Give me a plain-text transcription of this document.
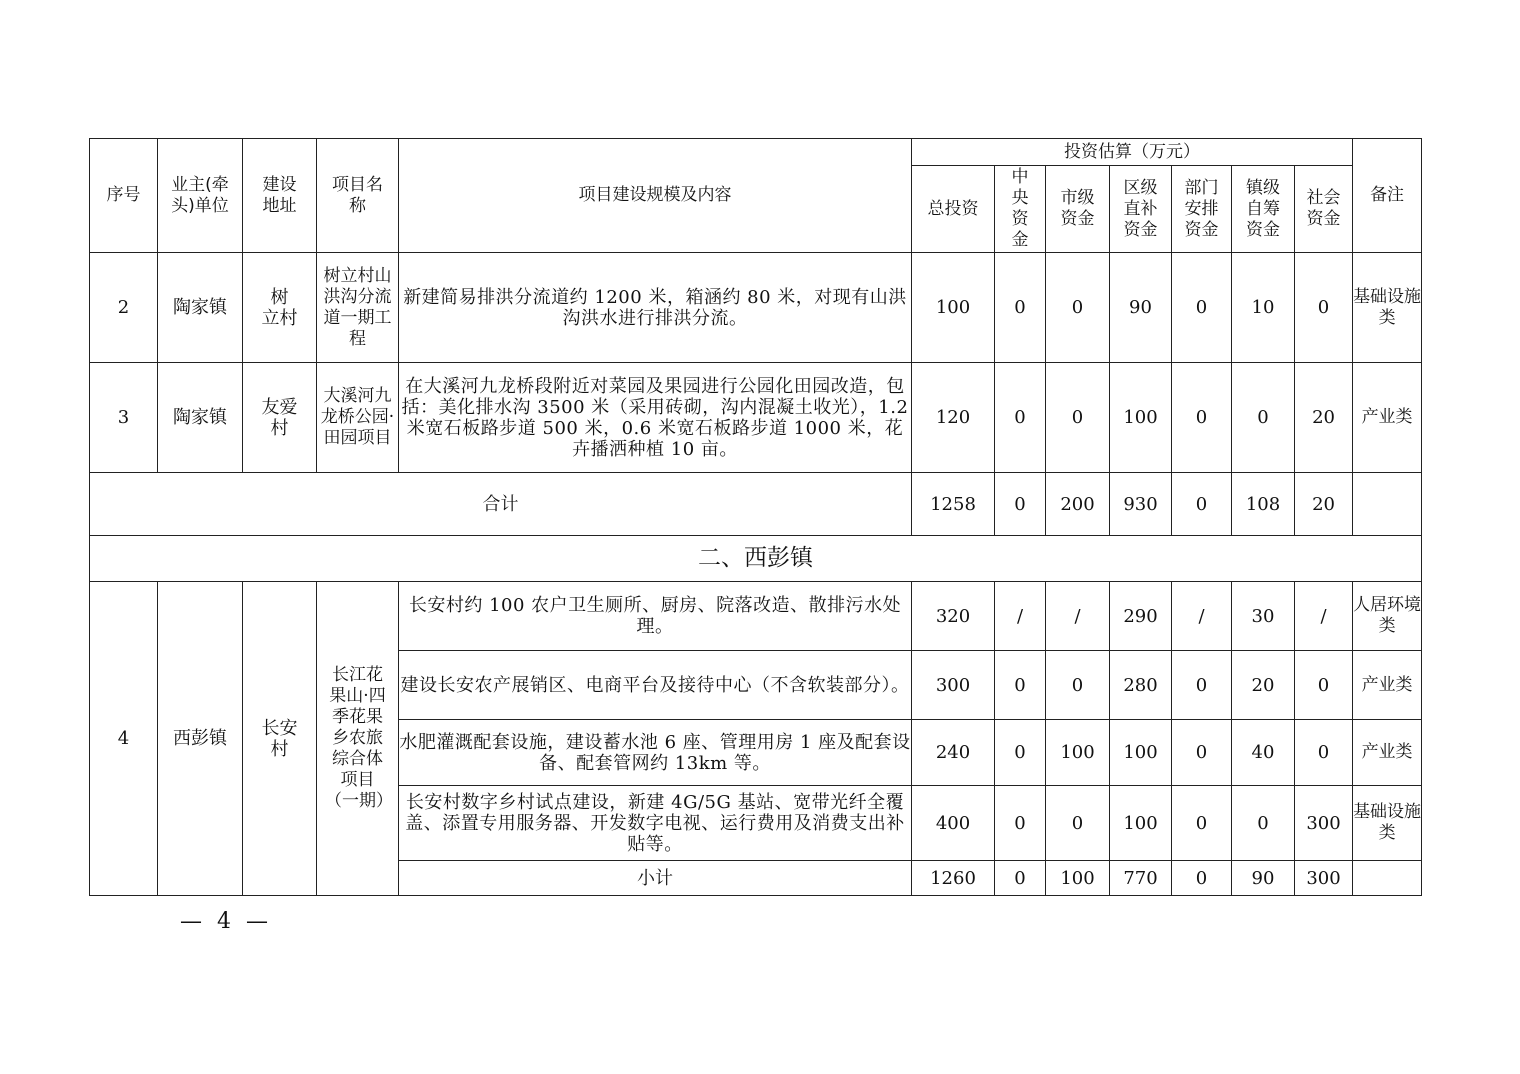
序号	业主(牵头)单位	建设地址	项目名称	项目建设规模及内容	投资估算（万元）							备注
					总投资	中央资金	市级资金	区级直补资金	部门安排资金	镇级自筹资金	社会资金	
2	陶家镇	树　立村	树立村山洪沟分流道一期工程	新建简易排洪分流道约 1200 米，箱涵约 80 米，对现有山洪沟洪水进行排洪分流。	100	0	0	90	0	10	0	基础设施类
3	陶家镇	友爱村	大溪河九龙桥公园·田园项目	在大溪河九龙桥段附近对菜园及果园进行公园化田园改造，包括：美化排水沟 3500 米（采用砖砌，沟内混凝土收光），1.2 米宽石板路步道 500 米，0.6 米宽石板路步道 1000 米，花卉播洒种植 10 亩。	120	0	0	100	0	0	20	产业类
合计					1258	0	200	930	0	108	20	
二、西彭镇												
4	西彭镇	长安村	长江花果山·四季花果乡农旅综合体项目（一期）	长安村约 100 农户卫生厕所、厨房、院落改造、散排污水处理。	320	/	/	290	/	30	/	人居环境类
				建设长安农产展销区、电商平台及接待中心（不含软装部分）。	300	0	0	280	0	20	0	产业类
				水肥灌溉配套设施，建设蓄水池 6 座、管理用房 1 座及配套设备、配套管网约 13km 等。	240	0	100	100	0	40	0	产业类
				长安村数字乡村试点建设，新建 4G/5G 基站、宽带光纤全覆盖、添置专用服务器、开发数字电视、运行费用及消费支出补贴等。	400	0	0	100	0	0	300	基础设施类
				小计	1260	0	100	770	0	90	300	
— 4 —
